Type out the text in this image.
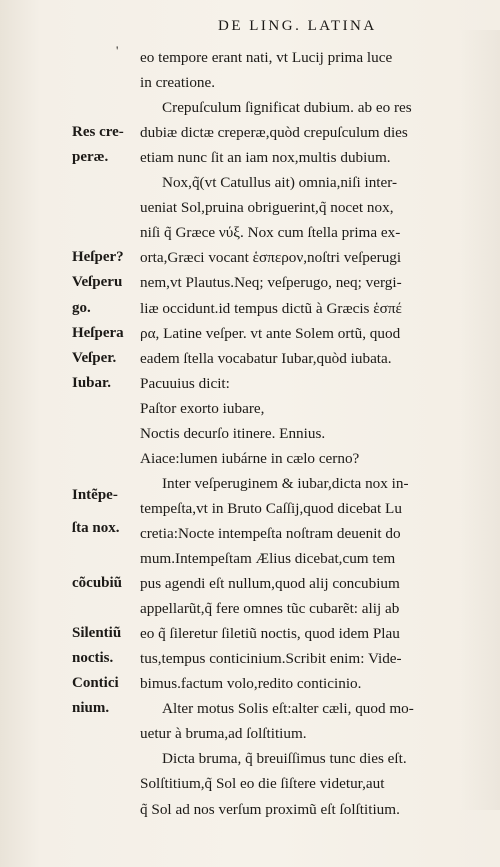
DE LING. LATINA
' eo tempore erant nati, vt Lucij prima luce
in creatione.
Crepuſculum ſignificat dubium. ab eo res
dubiæ dictæ creperæ,quòd crepuſculum dies
etiam nunc ſit an iam nox,multis dubium.
Nox,q̃(vt Catullus ait) omnia,niſi inter-
ueniat Sol,pruina obriguerint,q̃ nocet nox,
niſi q̃ Græce νύξ. Nox cum ſtella prima ex-
orta,Græci vocant ἑσπερον,noſtri veſperugi
nem,vt Plautus.Neq; veſperugo, neq; vergi-
liæ occidunt.id tempus dictũ à Græcis ἑσπέ
ρα, Latine veſper. vt ante Solem ortũ, quod
eadem ſtella vocabatur Iubar,quòd iubata.
Pacuuius dicit:
Paſtor exorto iubare,
Noctis decurſo itinere. Ennius.
Aiace:lumen iubárne in cælo cerno?
Inter veſperuginem & iubar,dicta nox in-
tempeſta,vt in Bruto Caſſij,quod dicebat Lu
cretia:Nocte intempeſta noſtram deuenit do
mum.Intempeſtam Ælius dicebat,cum tem
pus agendi eſt nullum,quod alij concubium
appellarũt,q̃ fere omnes tũc cubarẽt: alij ab
eo q̃ ſileretur ſiletiũ noctis, quod idem Plau
tus,tempus conticinium.Scribit enim: Vide-
bimus.factum volo,redito conticinio.
Alter motus Solis eſt:alter cæli, quod mo-
uetur à bruma,ad ſolſtitium.
Dicta bruma, q̃ breuiſſimus tunc dies eſt.
Solſtitium,q̃ Sol eo die ſiſtere videtur,aut
q̃ Sol ad nos verſum proximũ eſt ſolſtitium.
Res cre-
peræ.
Heſper?
Veſperu
go.
Heſpera
Veſper.
Iubar.
Intẽpe-
ſta nox.
cõcubiũ
Silentiũ
noctis.
Contici
nium.
